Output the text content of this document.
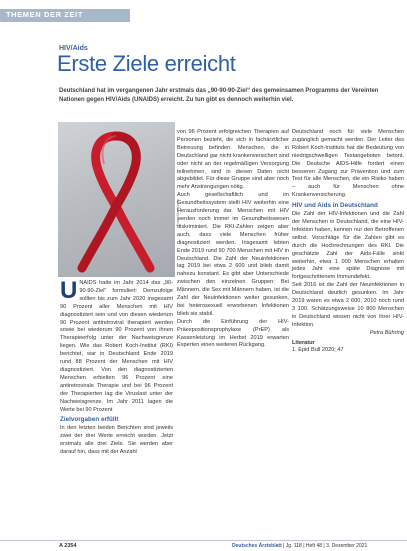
THEMEN DER ZEIT
HIV/Aids
Erste Ziele erreicht

Deutschland hat im vergangenen Jahr erstmals das „90-90-90-Ziel“ des gemeinsamen Programms der Vereinten Nationen gegen HIV/Aids (UNAIDS) erreicht. Zu tun gibt es dennoch weiterhin viel.

Foto: iStockphoto

UNAIDS hatte im Jahr 2014 das „90-90-90-Ziel“ formuliert: Demzufolge sollten bis zum Jahr 2020 insgesamt 90 Prozent aller Menschen mit HIV diagnostiziert sein und von diesen wiederum 90 Prozent antiretroviral therapiert werden sowie bei wiederum 90 Prozent von ihnen Therapieerfolg unter der Nachweisgrenze liegen. Wie das Robert Koch-Institut (RKI) berichtet, war in Deutschland Ende 2019 rund 88 Prozent der Menschen mit HIV diagnostiziert. Von den diagnostizierten Menschen erhielten 96 Prozent eine antiretrovirale Therapie und bei 96 Prozent der Therapierten lag die Viruslast unter der Nachweisgrenze. Im Jahr 2011 lagen die Werte bei 90 Prozent

Zielvorgaben erfüllt

In den letzten beiden Berichten sind jeweils zwei der drei Werte erreicht worden. Jetzt erstmals alle drei Ziele. Sie werden aber darauf hin, dass mit der Anzahl

von 96 Prozent erfolgreichen Therapien auf Personen bezieht, die sich in fachärztlicher Betreuung befinden. Menschen, die in Deutschland gar nicht krankenversichert sind oder nicht an der regelmäßigen Versorgung teilnehmen, sind in diesen Daten nicht abgebildet. Für diese Gruppe sind aber noch mehr Anstrengungen nötig.

Auch gesellschaftlich und im Gesundheitssystem stellt HIV weiterhin eine Herausforderung dar. Menschen mit HIV werden noch immer im Gesundheitswesen diskriminiert. Die RKI-Zahlen zeigen aber auch, dass viele Menschen früher diagnostiziert werden. Insgesamt lebten Ende 2019 rund 90 700 Menschen mit HIV in Deutschland. Die Zahl der Neuinfektionen lag 2019 bei etwa 2 600 und blieb damit nahezu konstant. Es gibt aber Unterschiede zwischen den einzelnen Gruppen: Bei Männern, die Sex mit Männern haben, ist die Zahl der Neuinfektionen weiter gesunken, bei heterosexuell erworbenen Infektionen blieb sie stabil.

Durch die Einführung der HIV-Präexpositionsprophylaxe (PrEP) als Kassenleistung im Herbst 2019 erwarten Experten einen weiteren Rückgang.

Deutschland noch für viele Menschen zugänglich gemacht werden. Der Leiter des Robert Koch-Instituts hat die Bedeutung von niedrigschwelligen Testangeboten betont. Die Deutsche AIDS-Hilfe fordert einen besseren Zugang zur Prävention und zum Test für alle Menschen, die ein Risiko haben – auch für Menschen ohne Krankenversicherung.

HIV und Aids in Deutschland

Die Zahl der HIV-Infektionen und die Zahl der Menschen in Deutschland, die eine HIV-Infektion haben, kennen nur den Betroffenen selbst. Vorschläge für die Zahlen gibt es durch die Hochrechnungen des RKI. Die geschätzte Zahl der Aids-Fälle sinkt weiterhin, etwa 1 000 Menschen erhalten jedes Jahr eine späte Diagnose mit fortgeschrittenem Immundefekt.

Seit 2016 ist die Zahl der Neuinfektionen in Deutschland deutlich gesunken. Im Jahr 2019 waren es etwa 2 600, 2010 noch rund 3 100. Schätzungsweise 10 800 Menschen in Deutschland wissen nicht von ihrer HIV-Infektion.

Petra Bühring

Literatur

1. Epid Bull 2020; 47

A 2354	Deutsches Ärzteblatt | Jg. 118 | Heft 48 | 3. Dezember 2021
